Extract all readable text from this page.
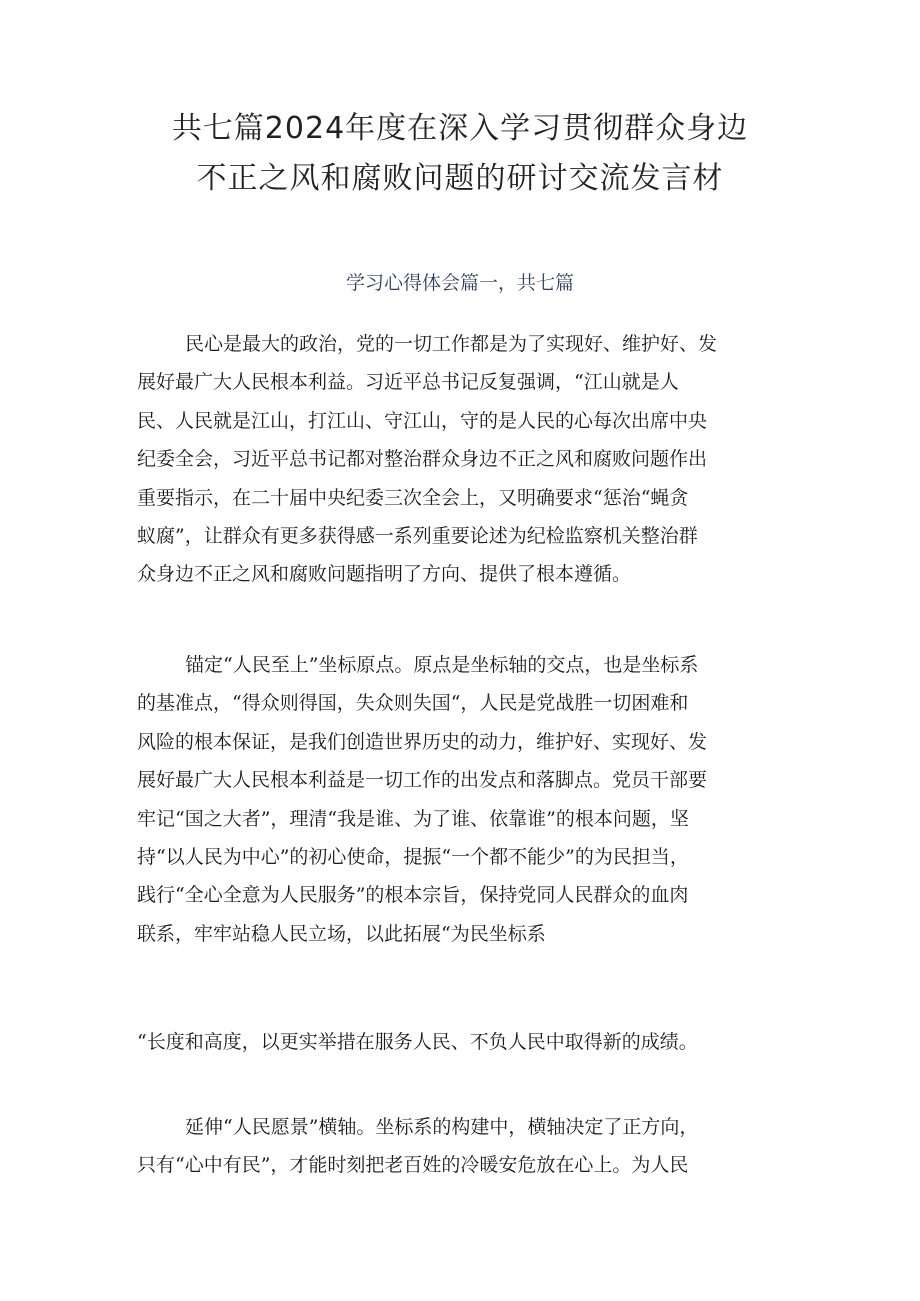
共七篇2024年度在深入学习贯彻群众身边
不正之风和腐败问题的研讨交流发言材
学习心得体会篇一，共七篇

民心是最大的政治，党的一切工作都是为了实现好、维护好、发
展好最广大人民根本利益。习近平总书记反复强调，“江山就是人
民、人民就是江山，打江山、守江山，守的是人民的心每次出席中央
纪委全会，习近平总书记都对整治群众身边不正之风和腐败问题作出
重要指示，在二十届中央纪委三次全会上，又明确要求“惩治“蝇贪
蚁腐”，让群众有更多获得感一系列重要论述为纪检监察机关整治群
众身边不正之风和腐败问题指明了方向、提供了根本遵循。

锚定“人民至上”坐标原点。原点是坐标轴的交点，也是坐标系
的基准点，“得众则得国，失众则失国“，人民是党战胜一切困难和
风险的根本保证，是我们创造世界历史的动力，维护好、实现好、发
展好最广大人民根本利益是一切工作的出发点和落脚点。党员干部要
牢记“国之大者”，理清“我是谁、为了谁、依靠谁”的根本问题，坚
持“以人民为中心”的初心使命，提振“一个都不能少”的为民担当，
践行“全心全意为人民服务”的根本宗旨，保持党同人民群众的血肉
联系，牢牢站稳人民立场，以此拓展“为民坐标系

“长度和高度，以更实举措在服务人民、不负人民中取得新的成绩。

延伸“人民愿景”横轴。坐标系的构建中，横轴决定了正方向，
只有“心中有民”，才能时刻把老百姓的冷暖安危放在心上。为人民
